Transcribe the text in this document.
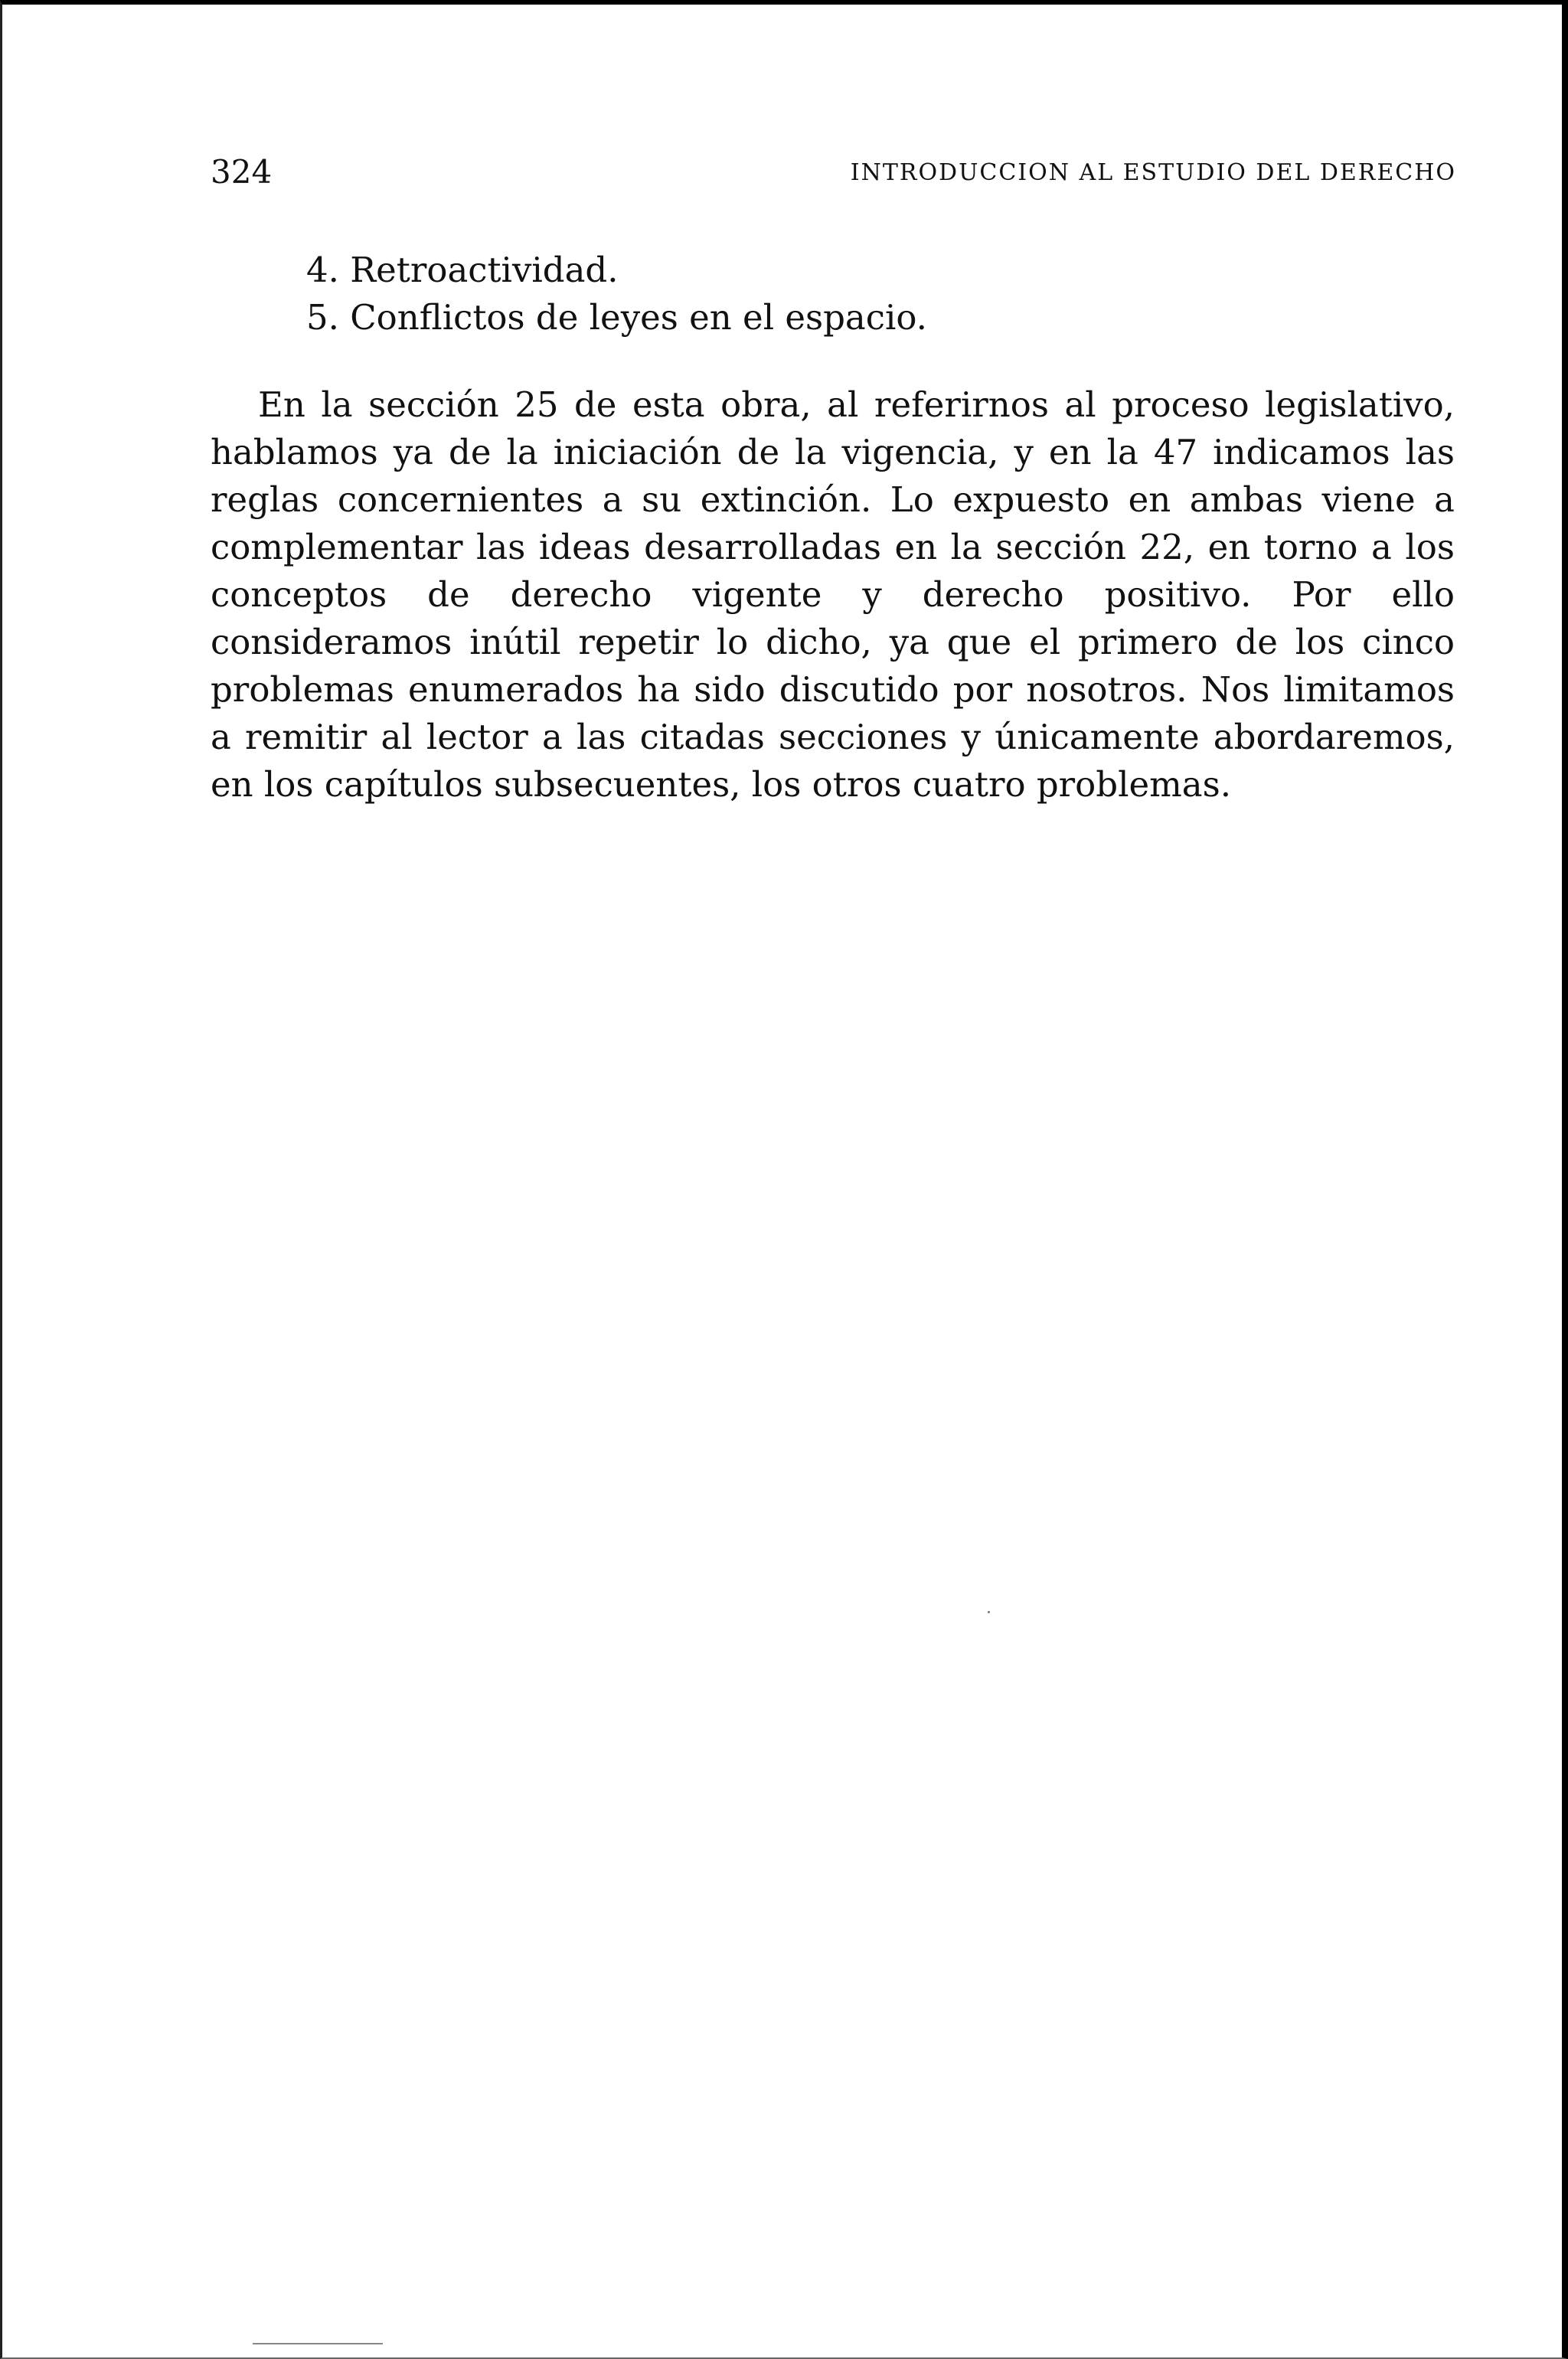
324	INTRODUCCION AL ESTUDIO DEL DERECHO
4. Retroactividad.
5. Conflictos de leyes en el espacio.

En la sección 25 de esta obra, al referirnos al proceso legislativo, hablamos ya de la iniciación de la vigencia, y en la 47 indicamos las reglas concernientes a su extinción. Lo expuesto en ambas viene a complementar las ideas desarrolladas en la sección 22, en torno a los conceptos de derecho vigente y derecho positivo. Por ello consideramos inútil repetir lo dicho, ya que el primero de los cinco problemas enumerados ha sido discutido por nosotros. Nos limitamos a remitir al lector a las citadas secciones y únicamente abordaremos, en los capítulos subsecuentes, los otros cuatro problemas.
